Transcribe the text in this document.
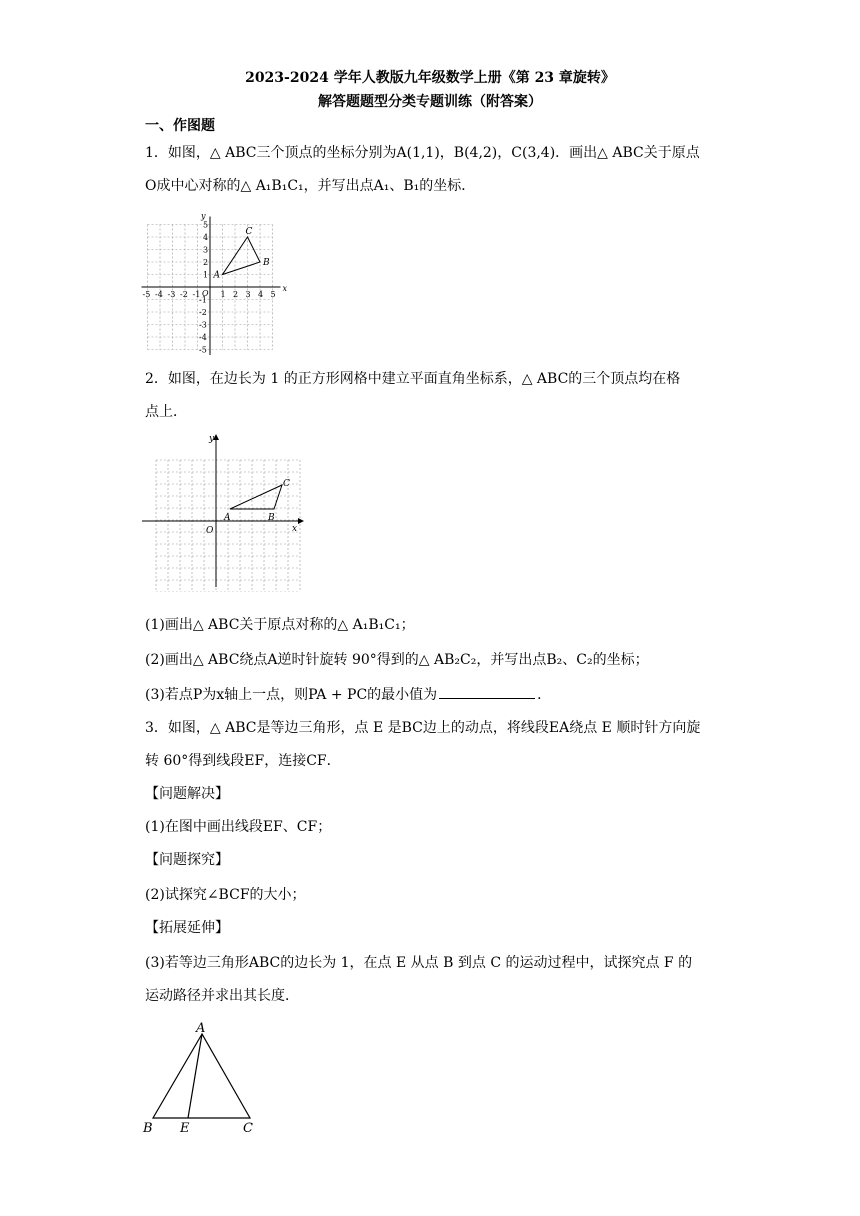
2023-2024 学年人教版九年级数学上册《第 23 章旋转》
解答题题型分类专题训练（附答案）
一、作图题
1．如图，△ ABC三个顶点的坐标分别为A(1,1)，B(4,2)，C(3,4)．画出△ ABC关于原点
O成中心对称的△ A₁B₁C₁，并写出点A₁、B₁的坐标．
-5 -4 -3 -2 -1	1 2 3 4 5
5
4
3
2
1
-1
-2
-3
-4
-5
x
y
O
A
B
C
2．如图，在边长为 1 的正方形网格中建立平面直角坐标系，△ ABC的三个顶点均在格
点上．
x
y
O
A	B
C
(1)画出△ ABC关于原点对称的△ A₁B₁C₁；
(2)画出△ ABC绕点A逆时针旋转 90°得到的△ AB₂C₂，并写出点B₂、C₂的坐标；
(3)若点P为x轴上一点，则PA + PC的最小值为	．
3．如图，△ ABC是等边三角形，点 E 是BC边上的动点，将线段EA绕点 E 顺时针方向旋
转 60°得到线段EF，连接CF．
【问题解决】
(1)在图中画出线段EF、CF；
【问题探究】
(2)试探究∠BCF的大小；
【拓展延伸】
(3)若等边三角形ABC的边长为 1，在点 E 从点 B 到点 C 的运动过程中，试探究点 F 的
运动路径并求出其长度．
A
B E	C
